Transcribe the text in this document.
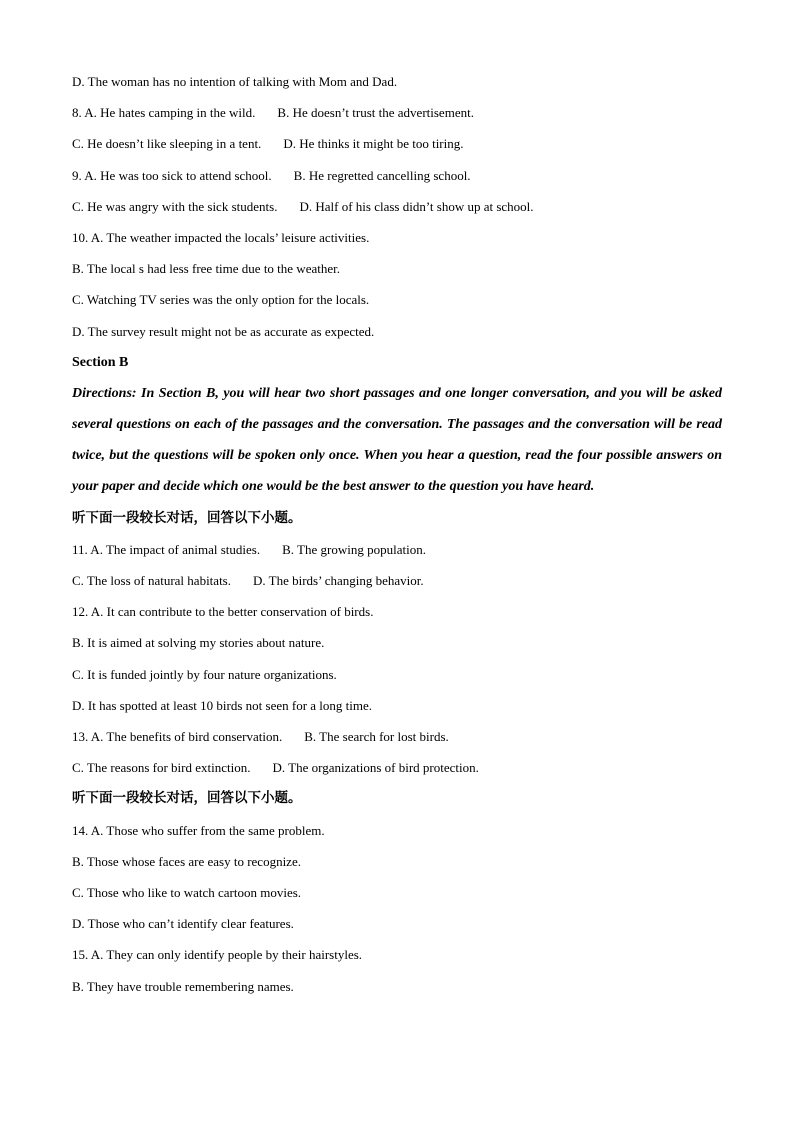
D. The woman has no intention of talking with Mom and Dad.
8. A. He hates camping in the wild. B. He doesn’t trust the advertisement.
C. He doesn’t like sleeping in a tent. D. He thinks it might be too tiring.
9. A. He was too sick to attend school. B. He regretted cancelling school.
C. He was angry with the sick students. D. Half of his class didn’t show up at school.
10. A. The weather impacted the locals’ leisure activities.
B. The local s had less free time due to the weather.
C. Watching TV series was the only option for the locals.
D. The survey result might not be as accurate as expected.
Section B
Directions: In Section B, you will hear two short passages and one longer conversation, and you will be asked several questions on each of the passages and the conversation. The passages and the conversation will be read twice, but the questions will be spoken only once. When you hear a question, read the four possible answers on your paper and decide which one would be the best answer to the question you have heard.
听下面一段较长对话，回答以下小题。
11. A. The impact of animal studies. B. The growing population.
C. The loss of natural habitats. D. The birds’ changing behavior.
12. A. It can contribute to the better conservation of birds.
B. It is aimed at solving my stories about nature.
C. It is funded jointly by four nature organizations.
D. It has spotted at least 10 birds not seen for a long time.
13. A. The benefits of bird conservation. B. The search for lost birds.
C. The reasons for bird extinction. D. The organizations of bird protection.
听下面一段较长对话，回答以下小题。
14. A. Those who suffer from the same problem.
B. Those whose faces are easy to recognize.
C. Those who like to watch cartoon movies.
D. Those who can’t identify clear features.
15. A. They can only identify people by their hairstyles.
B. They have trouble remembering names.
